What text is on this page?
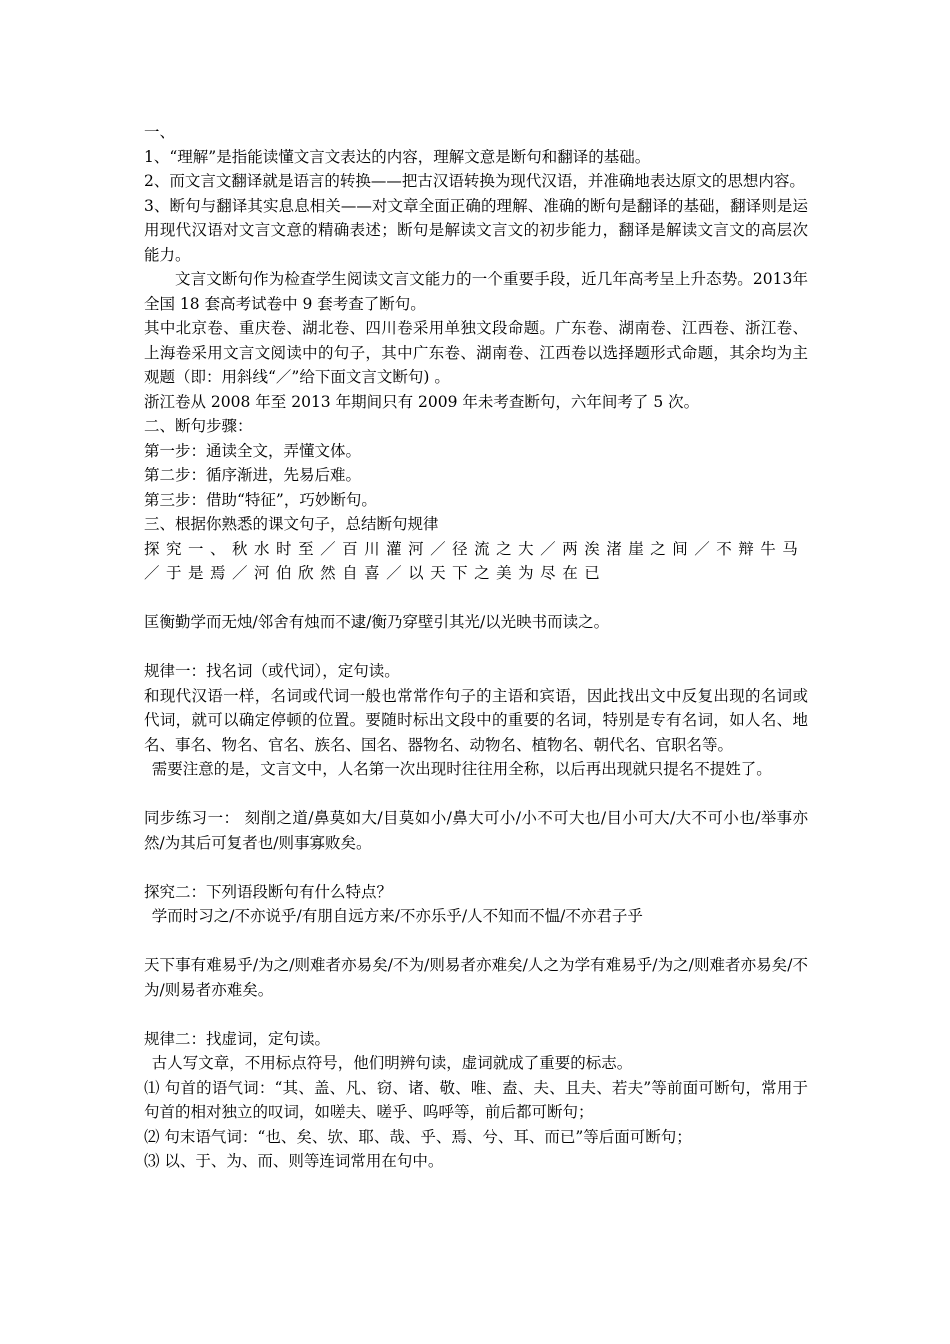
一、

1、“理解”是指能读懂文言文表达的内容，理解文意是断句和翻译的基础。

2、而文言文翻译就是语言的转换——把古汉语转换为现代汉语，并准确地表达原文的思想内容。

3、断句与翻译其实息息相关——对文章全面正确的理解、准确的断句是翻译的基础，翻译则是运用现代汉语对文言文意的精确表述；断句是解读文言文的初步能力，翻译是解读文言文的高层次能力。

文言文断句作为检查学生阅读文言文能力的一个重要手段，近几年高考呈上升态势。2013年全国 18 套高考试卷中 9 套考查了断句。

其中北京卷、重庆卷、湖北卷、四川卷采用单独文段命题。广东卷、湖南卷、江西卷、浙江卷、上海卷采用文言文阅读中的句子，其中广东卷、湖南卷、江西卷以选择题形式命题，其余均为主观题（即：用斜线“／”给下面文言文断句) 。

浙江卷从 2008 年至 2013 年期间只有 2009 年未考查断句，六年间考了 5 次。

二、断句步骤：

第一步：通读全文，弄懂文体。

第二步：循序渐进，先易后难。

第三步：借助“特征”，巧妙断句。

三、根据你熟悉的课文句子，总结断句规律

探究一、秋水时至／百川灌河／径流之大／两涘渚崖之间／不辩牛马／于是焉／河伯欣然自喜／以天下之美为尽在已

匡衡勤学而无烛/邻舍有烛而不逮/衡乃穿壁引其光/以光映书而读之。

规律一：找名词（或代词），定句读。

和现代汉语一样，名词或代词一般也常常作句子的主语和宾语，因此找出文中反复出现的名词或代词，就可以确定停顿的位置。要随时标出文段中的重要的名词，特别是专有名词，如人名、地名、事名、物名、官名、族名、国名、器物名、动物名、植物名、朝代名、官职名等。

需要注意的是，文言文中，人名第一次出现时往往用全称，以后再出现就只提名不提姓了。

同步练习一： 刻削之道/鼻莫如大/目莫如小/鼻大可小/小不可大也/目小可大/大不可小也/举事亦然/为其后可复者也/则事寡败矣。

探究二：下列语段断句有什么特点？

学而时习之/不亦说乎/有朋自远方来/不亦乐乎/人不知而不愠/不亦君子乎

天下事有难易乎/为之/则难者亦易矣/不为/则易者亦难矣/人之为学有难易乎/为之/则难者亦易矣/不为/则易者亦难矣。

规律二：找虚词，定句读。

古人写文章，不用标点符号，他们明辨句读，虚词就成了重要的标志。

⑴ 句首的语气词：“其、盖、凡、窃、诸、敬、唯、盍、夫、且夫、若夫”等前面可断句，常用于句首的相对独立的叹词，如嗟夫、嗟乎、呜呼等，前后都可断句；

⑵ 句末语气词：“也、矣、欤、耶、哉、乎、焉、兮、耳、而已”等后面可断句；

⑶ 以、于、为、而、则等连词常用在句中。
